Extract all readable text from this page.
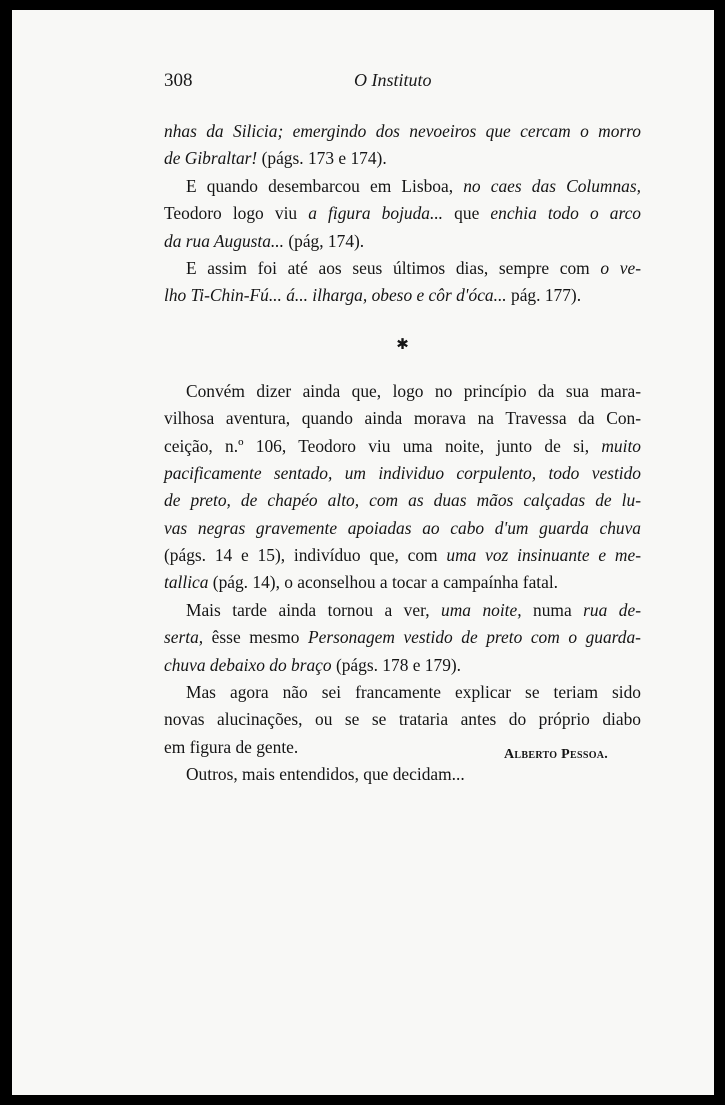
308	O Instituto
nhas da Silicia; emergindo dos nevoeiros que cercam o morro
de Gibraltar! (págs. 173 e 174).
E quando desembarcou em Lisboa, no caes das Columnas,
Teodoro logo viu a figura bojuda... que enchia todo o arco
da rua Augusta... (pág, 174).
E assim foi até aos seus últimos dias, sempre com o ve-
lho Ti-Chin-Fú... á... ilharga, obeso e côr d'óca... pág. 177).
✱
Convém dizer ainda que, logo no princípio da sua mara-
vilhosa aventura, quando ainda morava na Travessa da Con-
ceição, n.º 106, Teodoro viu uma noite, junto de si, muito
pacificamente sentado, um individuo corpulento, todo vestido
de preto, de chapéo alto, com as duas mãos calçadas de lu-
vas negras gravemente apoiadas ao cabo d'um guarda chuva
(págs. 14 e 15), indivíduo que, com uma voz insinuante e me-
tallica (pág. 14), o aconselhou a tocar a campaínha fatal.
Mais tarde ainda tornou a ver, uma noite, numa rua de-
serta, êsse mesmo Personagem vestido de preto com o guarda-
chuva debaixo do braço (págs. 178 e 179).
Mas agora não sei francamente explicar se teriam sido
novas alucinações, ou se se trataria antes do próprio diabo
em figura de gente.
Outros, mais entendidos, que decidam...
Alberto Pessoa.
